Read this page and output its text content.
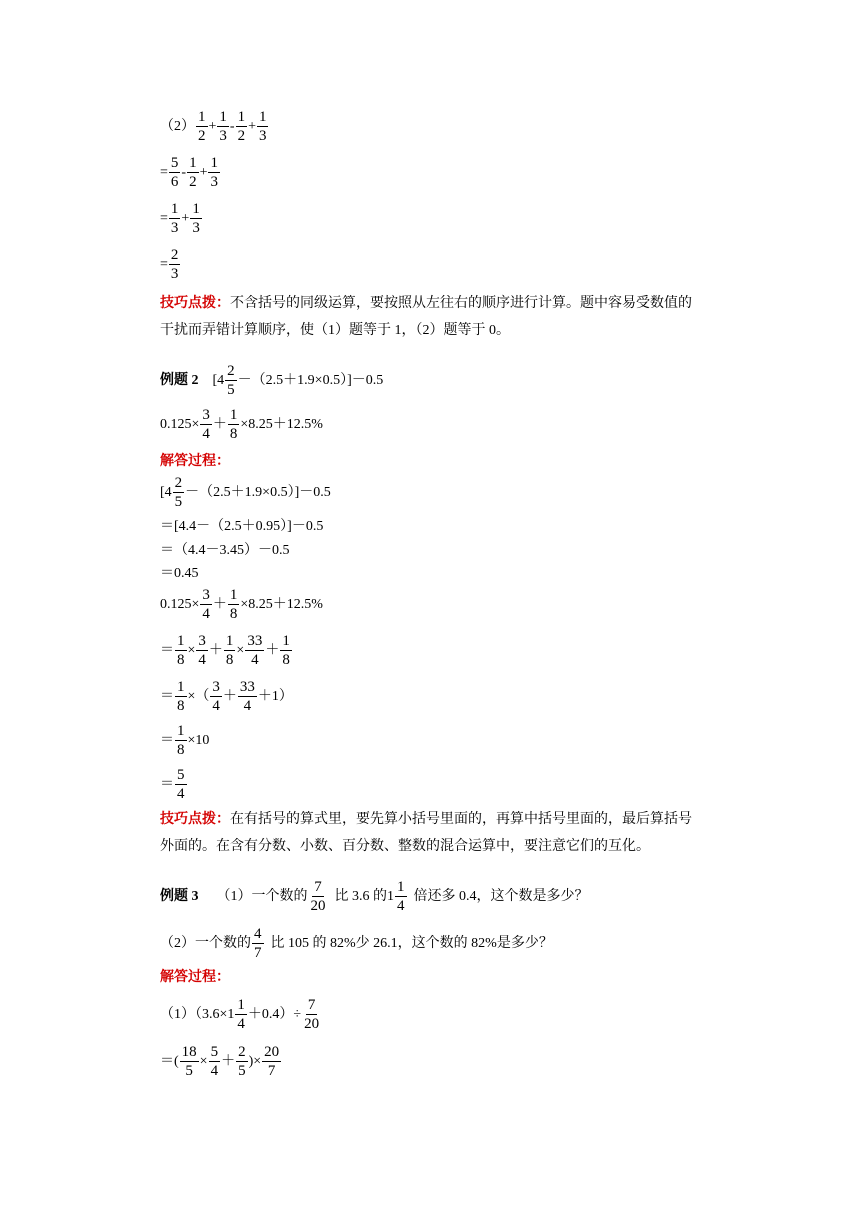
$(2) \frac{1}{2} + \frac{1}{3} - \frac{1}{2} + \frac{1}{3}$
= $\frac{5}{6} - \frac{1}{2} + \frac{1}{3}$
= $\frac{1}{3} + \frac{1}{3}$
= $\frac{2}{3}$
技巧点拨：不含括号的同级运算，要按照从左往右的顺序进行计算。题中容易受数值的
干扰而弄错计算顺序，使（1）题等于 1，（2）题等于 0。
例题 2 $[4 \frac{2}{5} -(2.5+1.9\times 0.5)]-0.5$
$0.125\times \frac{3}{4} + \frac{1}{8} \times 8.25+12.5\%$
解答过程：
$[4 \frac{2}{5} -(2.5+1.9\times 0.5)]-0.5$
＝[4.4－（2.5＋0.95）]－0.5
＝（4.4－3.45）－0.5
＝0.45
$0.125\times \frac{3}{4} + \frac{1}{8} \times 8.25+12.5\%$
＝ $\frac{1}{8} \times \frac{3}{4} + \frac{1}{8} \times \frac{33}{4} + \frac{1}{8}$
＝ $\frac{1}{8}$ ×（ $\frac{3}{4} + \frac{33}{4} +1$）
＝ $\frac{1}{8} \times 10$
＝ $\frac{5}{4}$
技巧点拨：在有括号的算式里，要先算小括号里面的，再算中括号里面的，最后算括号
外面的。在含有分数、小数、百分数、整数的混合运算中，要注意它们的互化。
例题 3 （1）一个数的 $\frac{7}{20}$ 比 3.6 的$1 \frac{1}{4}$ 倍还多 0.4，这个数是多少？
（2）一个数的 $\frac{4}{7}$ 比 105 的 82%少 26.1，这个数的 82%是多少？
解答过程：
$(1)(3.6\times 1 \frac{1}{4} +0.4)\div \frac{7}{20}$
＝( $\frac{18}{5} \times \frac{5}{4} + \frac{2}{5}$ )× $\frac{20}{7}$
